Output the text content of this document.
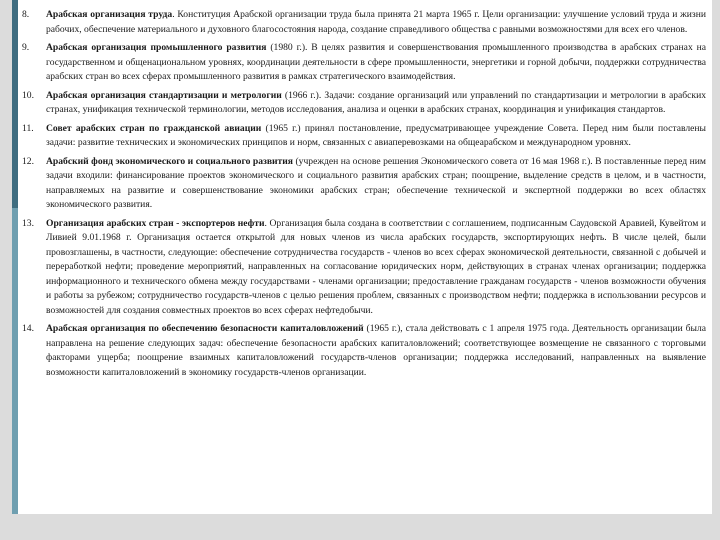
8. Арабская организация труда. Конституция Арабской организации труда была принята 21 марта 1965 г. Цели организации: улучшение условий труда и жизни рабочих, обеспечение материального и духовного благосостояния народа, создание справедливого общества с равными возможностями для всех его членов.

9. Арабская организация промышленного развития (1980 г.). В целях развития и совершенствования промышленного производства в арабских странах на государственном и общенациональном уровнях, координации деятельности в сфере промышленности, энергетики и горной добычи, поддержки сотрудничества арабских стран во всех сферах промышленного развития в рамках стратегического взаимодействия.

10. Арабская организация стандартизации и метрологии (1966 г.). Задачи: создание организаций или управлений по стандартизации и метрологии в арабских странах, унификация технической терминологии, методов исследования, анализа и оценки в арабских странах, координация и унификация стандартов.

11. Совет арабских стран по гражданской авиации (1965 г.) принял постановление, предусматривающее учреждение Совета. Перед ним были поставлены задачи: развитие технических и экономических принципов и норм, связанных с авиаперевозками на общеарабском и международном уровнях.

12. Арабский фонд экономического и социального развития (учрежден на основе решения Экономического совета от 16 мая 1968 г.). В поставленные перед ним задачи входили: финансирование проектов экономического и социального развития арабских стран; поощрение, выделение средств в целом, и в частности, направляемых на развитие и совершенствование экономики арабских стран; обеспечение технической и экспертной поддержки во всех областях экономического развития.

13. Организация арабских стран - экспортеров нефти. Организация была создана в соответствии с соглашением, подписанным Саудовской Аравией, Кувейтом и Ливией 9.01.1968 г. Организация остается открытой для новых членов из числа арабских государств, экспортирующих нефть. В числе целей, были провозглашены, в частности, следующие: обеспечение сотрудничества государств - членов во всех сферах экономической деятельности, связанной с добычей и переработкой нефти; проведение мероприятий, направленных на согласование юридических норм, действующих в странах членах организации; поддержка информационного и технического обмена между государствами - членами организации; предоставление гражданам государств - членов возможности обучения и работы за рубежом; сотрудничество государств-членов с целью решения проблем, связанных с производством нефти; поддержка в использовании ресурсов и возможностей для создания совместных проектов во всех сферах нефтедобычи.

14. Арабская организация по обеспечению безопасности капиталовложений (1965 г.), стала действовать с 1 апреля 1975 года. Деятельность организации была направлена на решение следующих задач: обеспечение безопасности арабских капиталовложений; соответствующее возмещение не связанного с торговыми факторами ущерба; поощрение взаимных капиталовложений государств-членов организации; поддержка исследований, направленных на выявление возможности капиталовложений в экономику государств-членов организации.
